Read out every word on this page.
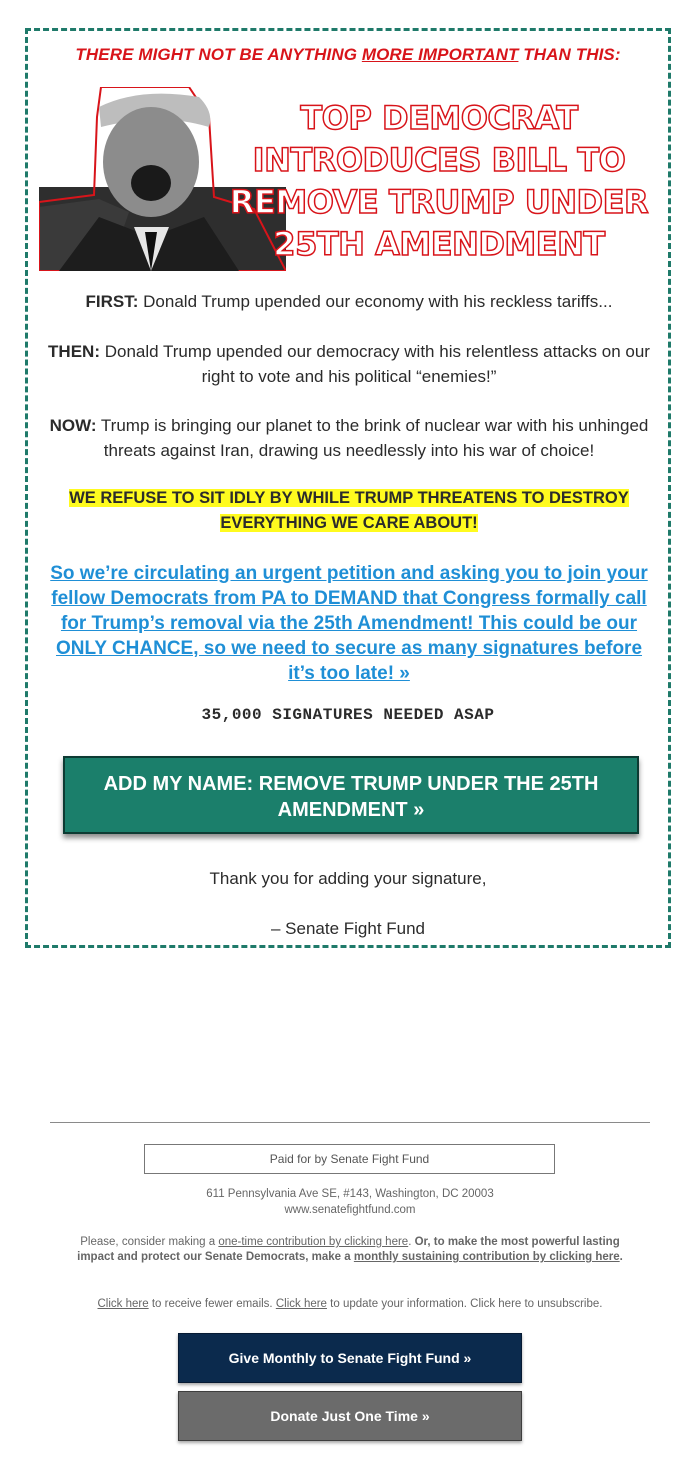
THERE MIGHT NOT BE ANYTHING MORE IMPORTANT THAN THIS:
TOP DEMOCRAT INTRODUCES BILL TO REMOVE TRUMP UNDER 25TH AMENDMENT
FIRST: Donald Trump upended our economy with his reckless tariffs...
THEN: Donald Trump upended our democracy with his relentless attacks on our right to vote and his political “enemies!”
NOW: Trump is bringing our planet to the brink of nuclear war with his unhinged threats against Iran, drawing us needlessly into his war of choice!
WE REFUSE TO SIT IDLY BY WHILE TRUMP THREATENS TO DESTROY EVERYTHING WE CARE ABOUT!
So we’re circulating an urgent petition and asking you to join your fellow Democrats from PA to DEMAND that Congress formally call for Trump’s removal via the 25th Amendment! This could be our ONLY CHANCE, so we need to secure as many signatures before it’s too late! »
35,000 SIGNATURES NEEDED ASAP
ADD MY NAME: REMOVE TRUMP UNDER THE 25TH AMENDMENT »
Thank you for adding your signature,
– Senate Fight Fund
Paid for by Senate Fight Fund
611 Pennsylvania Ave SE, #143, Washington, DC 20003
www.senatefightfund.com
Please, consider making a one-time contribution by clicking here. Or, to make the most powerful lasting impact and protect our Senate Democrats, make a monthly sustaining contribution by clicking here.
Click here to receive fewer emails. Click here to update your information. Click here to unsubscribe.
Give Monthly to Senate Fight Fund »
Donate Just One Time »
